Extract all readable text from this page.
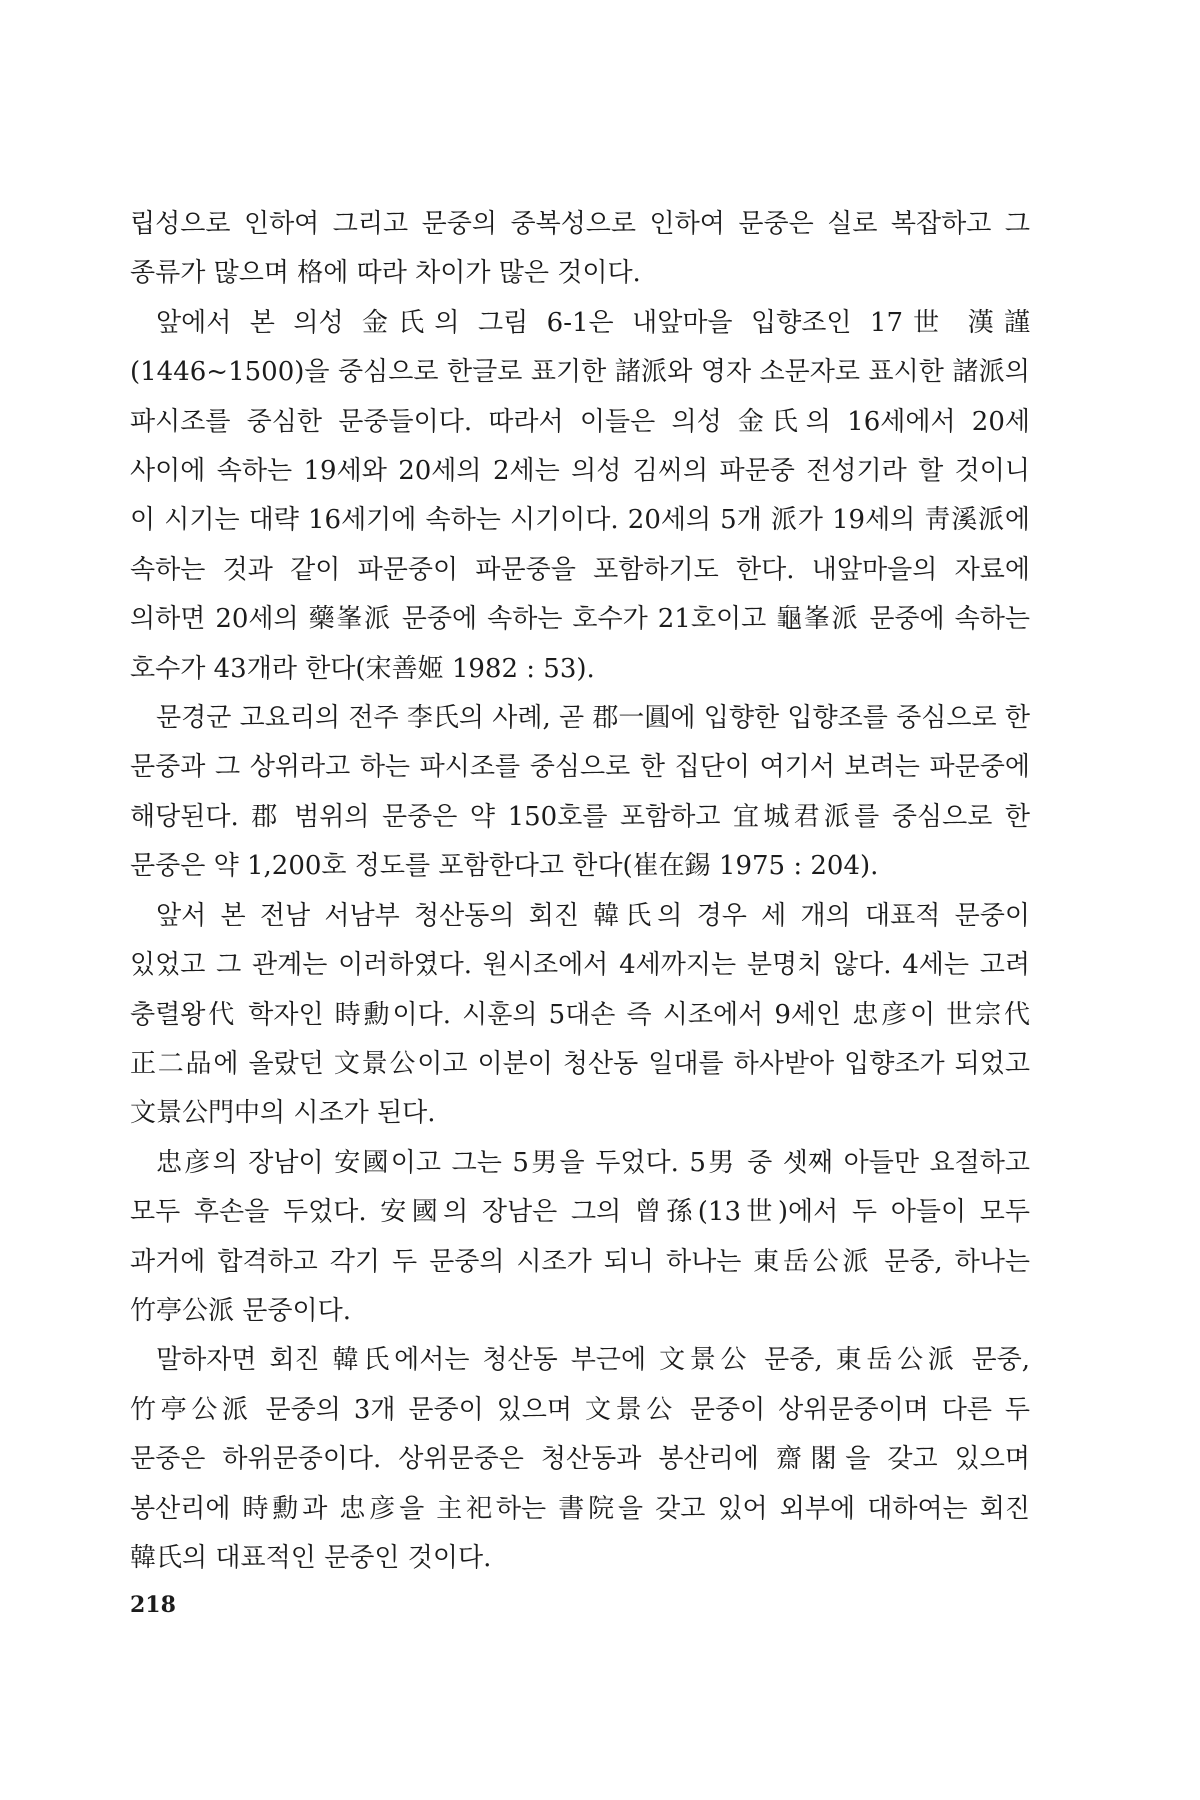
립성으로 인하여 그리고 문중의 중복성으로 인하여 문중은 실로 복잡하고 그 종류가 많으며 格에 따라 차이가 많은 것이다.

앞에서 본 의성 金氏의 그림 6-1은 내앞마을 입향조인 17世 漢謹(1446~1500)을 중심으로 한글로 표기한 諸派와 영자 소문자로 표시한 諸派의 파시조를 중심한 문중들이다. 따라서 이들은 의성 金氏의 16세에서 20세 사이에 속하는 19세와 20세의 2세는 의성 김씨의 파문중 전성기라 할 것이니 이 시기는 대략 16세기에 속하는 시기이다. 20세의 5개 派가 19세의 靑溪派에 속하는 것과 같이 파문중이 파문중을 포함하기도 한다. 내앞마을의 자료에 의하면 20세의 藥峯派 문중에 속하는 호수가 21호이고 龜峯派 문중에 속하는 호수가 43개라 한다(宋善姬 1982 : 53).

문경군 고요리의 전주 李氏의 사례, 곧 郡一圓에 입향한 입향조를 중심으로 한 문중과 그 상위라고 하는 파시조를 중심으로 한 집단이 여기서 보려는 파문중에 해당된다. 郡 범위의 문중은 약 150호를 포함하고 宜城君派를 중심으로 한 문중은 약 1,200호 정도를 포함한다고 한다(崔在錫 1975 : 204).

앞서 본 전남 서남부 청산동의 회진 韓氏의 경우 세 개의 대표적 문중이 있었고 그 관계는 이러하였다. 원시조에서 4세까지는 분명치 않다. 4세는 고려 충렬왕代 학자인 時勳이다. 시훈의 5대손 즉 시조에서 9세인 忠彦이 世宗代 正二品에 올랐던 文景公이고 이분이 청산동 일대를 하사받아 입향조가 되었고 文景公門中의 시조가 된다.

忠彦의 장남이 安國이고 그는 5男을 두었다. 5男 중 셋째 아들만 요절하고 모두 후손을 두었다. 安國의 장남은 그의 曾孫(13世)에서 두 아들이 모두 과거에 합격하고 각기 두 문중의 시조가 되니 하나는 東岳公派 문중, 하나는 竹亭公派 문중이다.

말하자면 회진 韓氏에서는 청산동 부근에 文景公 문중, 東岳公派 문중, 竹亭公派 문중의 3개 문중이 있으며 文景公 문중이 상위문중이며 다른 두 문중은 하위문중이다. 상위문중은 청산동과 봉산리에 齋閣을 갖고 있으며 봉산리에 時勳과 忠彦을 主祀하는 書院을 갖고 있어 외부에 대하여는 회진 韓氏의 대표적인 문중인 것이다.

218
